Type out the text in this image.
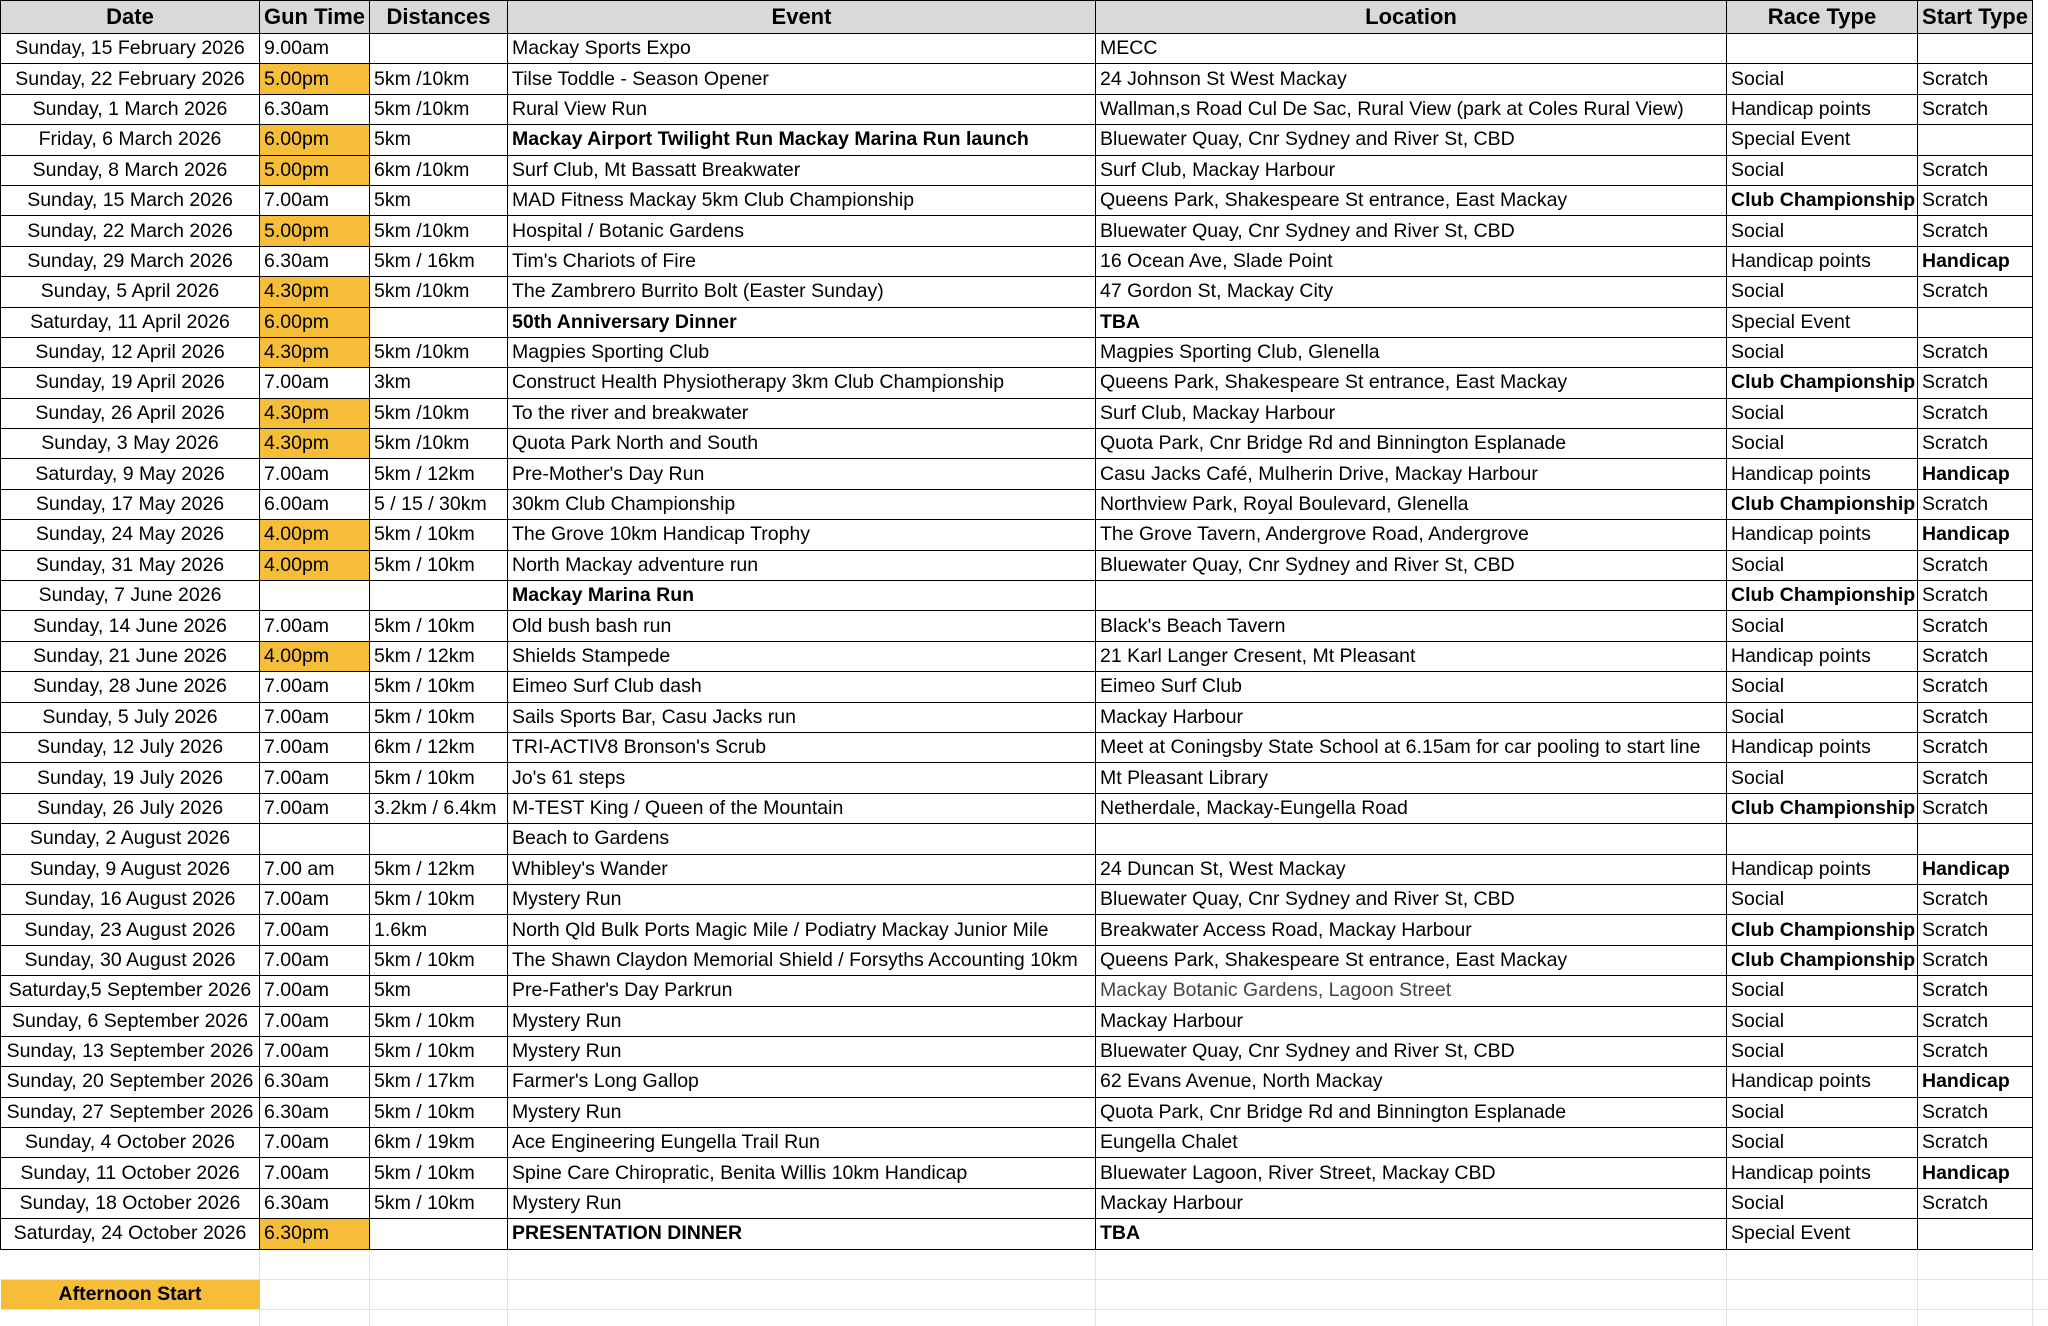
Date	Gun Time	Distances	Event	Location	Race Type	Start Type	
Sunday, 15 February 2026	9.00am		Mackay Sports Expo	MECC			
Sunday, 22 February 2026	5.00pm	5km /10km	Tilse Toddle - Season Opener	24 Johnson St West Mackay	Social	Scratch	
Sunday, 1 March 2026	6.30am	5km /10km	Rural View Run	Wallman,s Road Cul De Sac, Rural View (park at Coles Rural View)	Handicap points	Scratch	
Friday, 6 March 2026	6.00pm	5km	Mackay Airport Twilight Run Mackay Marina Run launch	Bluewater Quay, Cnr Sydney and River St, CBD	Special Event		
Sunday, 8 March 2026	5.00pm	6km /10km	Surf Club, Mt Bassatt Breakwater	Surf Club, Mackay Harbour	Social	Scratch	
Sunday, 15 March 2026	7.00am	5km	MAD Fitness Mackay 5km Club Championship	Queens Park, Shakespeare St entrance, East Mackay	Club Championship	Scratch	
Sunday, 22 March 2026	5.00pm	5km /10km	Hospital / Botanic Gardens	Bluewater Quay, Cnr Sydney and River St, CBD	Social	Scratch	
Sunday, 29 March 2026	6.30am	5km / 16km	Tim's Chariots of Fire	16 Ocean Ave, Slade Point	Handicap points	Handicap	
Sunday, 5 April 2026	4.30pm	5km /10km	The Zambrero Burrito Bolt (Easter Sunday)	47 Gordon St, Mackay City	Social	Scratch	
Saturday, 11 April 2026	6.00pm		50th Anniversary Dinner	TBA	Special Event		
Sunday, 12 April 2026	4.30pm	5km /10km	Magpies Sporting Club	Magpies Sporting Club, Glenella	Social	Scratch	
Sunday, 19 April 2026	7.00am	3km	Construct Health Physiotherapy 3km Club Championship	Queens Park, Shakespeare St entrance, East Mackay	Club Championship	Scratch	
Sunday, 26 April 2026	4.30pm	5km /10km	To the river and breakwater	Surf Club, Mackay Harbour	Social	Scratch	
Sunday, 3 May 2026	4.30pm	5km /10km	Quota Park North and South	Quota Park, Cnr Bridge Rd and Binnington Esplanade	Social	Scratch	
Saturday, 9 May 2026	7.00am	5km / 12km	Pre-Mother's Day Run	Casu Jacks Café, Mulherin Drive, Mackay Harbour	Handicap points	Handicap	
Sunday, 17 May 2026	6.00am	5 / 15 / 30km	30km Club Championship	Northview Park, Royal Boulevard, Glenella	Club Championship	Scratch	
Sunday, 24 May 2026	4.00pm	5km / 10km	The Grove 10km Handicap Trophy	The Grove Tavern, Andergrove Road, Andergrove	Handicap points	Handicap	
Sunday, 31 May 2026	4.00pm	5km / 10km	North Mackay adventure run	Bluewater Quay, Cnr Sydney and River St, CBD	Social	Scratch	
Sunday, 7 June 2026			Mackay Marina Run		Club Championship	Scratch	
Sunday, 14 June 2026	7.00am	5km / 10km	Old bush bash run	Black's Beach Tavern	Social	Scratch	
Sunday, 21 June 2026	4.00pm	5km / 12km	Shields Stampede	21 Karl Langer Cresent, Mt Pleasant	Handicap points	Scratch	
Sunday, 28 June 2026	7.00am	5km / 10km	Eimeo Surf Club dash	Eimeo Surf Club	Social	Scratch	
Sunday, 5 July 2026	7.00am	5km / 10km	Sails Sports Bar, Casu Jacks run	Mackay Harbour	Social	Scratch	
Sunday, 12 July 2026	7.00am	6km / 12km	TRI-ACTIV8 Bronson's Scrub	Meet at Coningsby State School at 6.15am for car pooling to start line	Handicap points	Scratch	
Sunday, 19 July 2026	7.00am	5km / 10km	Jo's 61 steps	Mt Pleasant Library	Social	Scratch	
Sunday, 26 July 2026	7.00am	3.2km / 6.4km	M-TEST King / Queen of the Mountain	Netherdale, Mackay-Eungella Road	Club Championship	Scratch	
Sunday, 2 August 2026			Beach to Gardens				
Sunday, 9 August 2026	7.00 am	5km / 12km	Whibley's Wander	24 Duncan St, West Mackay	Handicap points	Handicap	
Sunday, 16 August 2026	7.00am	5km / 10km	Mystery Run	Bluewater Quay, Cnr Sydney and River St, CBD	Social	Scratch	
Sunday, 23 August 2026	7.00am	1.6km	North Qld Bulk Ports Magic Mile / Podiatry Mackay Junior Mile	Breakwater Access Road, Mackay Harbour	Club Championship	Scratch	
Sunday, 30 August 2026	7.00am	5km / 10km	The Shawn Claydon Memorial Shield / Forsyths Accounting 10km	Queens Park, Shakespeare St entrance, East Mackay	Club Championship	Scratch	
Saturday,5 September 2026	7.00am	5km	Pre-Father's Day Parkrun	Mackay Botanic Gardens, Lagoon Street	Social	Scratch	
Sunday, 6 September 2026	7.00am	5km / 10km	Mystery Run	Mackay Harbour	Social	Scratch	
Sunday, 13 September 2026	7.00am	5km / 10km	Mystery Run	Bluewater Quay, Cnr Sydney and River St, CBD	Social	Scratch	
Sunday, 20 September 2026	6.30am	5km / 17km	Farmer's Long Gallop	62 Evans Avenue, North Mackay	Handicap points	Handicap	
Sunday, 27 September 2026	6.30am	5km / 10km	Mystery Run	Quota Park, Cnr Bridge Rd and Binnington Esplanade	Social	Scratch	
Sunday, 4 October 2026	7.00am	6km / 19km	Ace Engineering Eungella Trail Run	Eungella Chalet	Social	Scratch	
Sunday, 11 October 2026	7.00am	5km / 10km	Spine Care Chiropratic, Benita Willis 10km Handicap	Bluewater Lagoon, River Street, Mackay CBD	Handicap points	Handicap	
Sunday, 18 October 2026	6.30am	5km / 10km	Mystery Run	Mackay Harbour	Social	Scratch	
Saturday, 24 October 2026	6.30pm		PRESENTATION DINNER	TBA	Special Event		

Afternoon Start							
